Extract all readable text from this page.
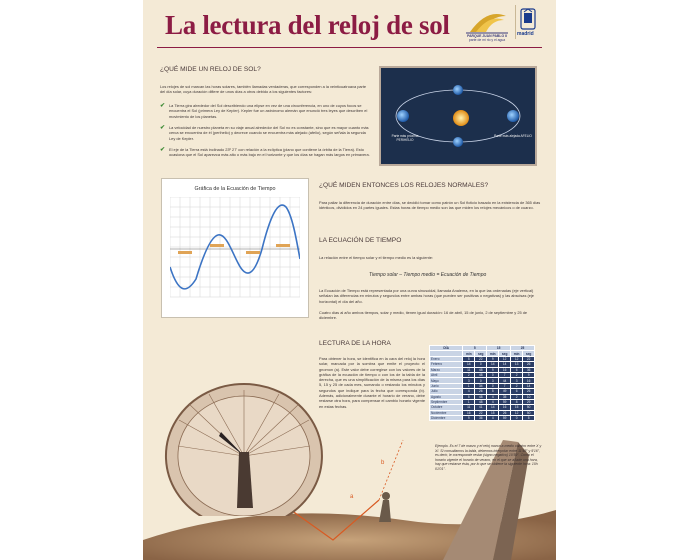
La lectura del reloj de sol	PARQUE JUAN PABLO II
parte de mi rio y el agua
madrid
¿QUÉ MIDE UN RELOJ DE SOL?
Los relojes de sol marcan las horas solares, también llamadas verdaderas, que corresponden a la veinticuatroava parte del día solar, cuya duración difiere de unos días a otros debido a los siguientes factores:
✔ La Tierra gira alrededor del Sol describiendo una elipse en vez de una circunferencia, en uno de cuyos focos se encuentra el Sol (primera Ley de Kepler). Kepler fue un astrónomo alemán que enunció tres leyes que describen el movimiento de los planetas.
✔ La velocidad de nuestro planeta en su viaje anual alrededor del Sol no es constante, sino que es mayor cuanto más cerca se encuentra de él (perihelio) y decrece cuando se encuentra más alejado (afelio), según señala la segunda Ley de Kepler.
✔ El eje de la Tierra está inclinado 23º 27' con relación a la eclíptica (plano que contiene la órbita de la Tierra). Esto ocasiona que el Sol aparezca más alto o más bajo en el horizonte y que los días se hagan más largos en primavera.
Parte más próxima PERIHELIO
Parte más alejada AFELIO
Gráfica de la Ecuación de Tiempo	¿QUÉ MIDEN ENTONCES LOS RELOJES NORMALES?
Para paliar la diferencia de duración entre días, se decidió tomar como patrón un Sol ficticio basado en la existencia de 365 días idénticos, divididos en 24 partes iguales. Estas horas de tiempo medio son las que miden los relojes mecánicos o de cuarzo.
LA ECUACIÓN DE TIEMPO
La relación entre el tiempo solar y el tiempo medio es la siguiente:
Tiempo solar – Tiempo medio = Ecuación de Tiempo
La Ecuación de Tiempo está representada por una curva sinusoidal, llamada Analema, en la que las ordenadas (eje vertical) señalan las diferencias en minutos y segundos entre ambas horas (que pueden ser positivas o negativas) y las abscisas (eje horizontal) el día del año.
Cuatro días al año ambos tiempos, solar y medio, tienen igual duración: 16 de abril, 15 de junio, 2 de septiembre y 25 de diciembre.
LECTURA DE LA HORA
Para obtener la hora, se identifica en la cara del reloj la hora solar, marcada por la sombra que emite el proyecto el gnomon (a). Este valor debe corregirse con los valores de la gráfica de la ecuación de tiempo o con los de la tabla de la derecha, que es una simplificación de la misma para los días 5, 15 y 25 de cada mes, sumando o restando los minutos y segundos que indique para la fecha que corresponda (b). Además, adicionalmente durante el horario de verano, debe restarse otra hora, para compensar el cambio horario vigente en estas fechas.
DÍA	5		15		25	
	min	seg	min	seg	min	seg
Enero	5	22	9	12	12	22
Febrero	14	0	14	14	13	26
Marzo	11	48	9	16	6	36
Abril	2	48	0	7	2	9
Mayo	3	0	3	44	3	16
Junio	1	34	0	7	2	14
Julio	4	26	5	49	6	26
Agosto	5	48	4	35	2	10
Septiembre	1	48	4	59	8	29
Octubre	11	41	14	16	15	50
Noviembre	16	22	15	26	12	50
Diciembre	9	36	4	59	0	5
a
b
Ejemplo. Es el 7 de marzo y el reloj marca a medio camino entre X y XI. Si consultamos la tabla, debemos interpolar entre 11'48" y 9'16", es decir, le corresponde restar (signo negativo) 10'59". Como el horario vigente el horario de verano, en el que se añade una hora, hay que restarse ésta, por lo que se obtiene la siguiente hora: 10h 01'01".
